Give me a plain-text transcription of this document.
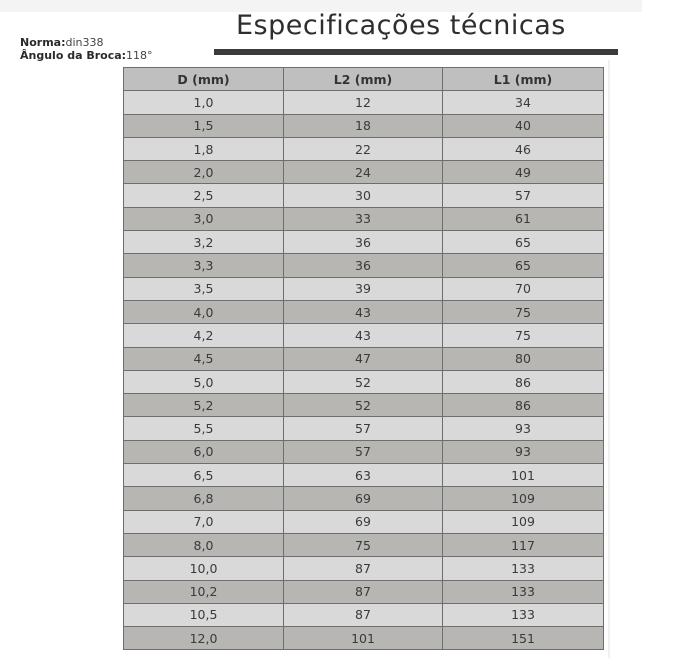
Especificações técnicas
Norma:din338
Ângulo da Broca:118°
D (mm)	L2 (mm)	L1 (mm)
1,0	12	34
1,5	18	40
1,8	22	46
2,0	24	49
2,5	30	57
3,0	33	61
3,2	36	65
3,3	36	65
3,5	39	70
4,0	43	75
4,2	43	75
4,5	47	80
5,0	52	86
5,2	52	86
5,5	57	93
6,0	57	93
6,5	63	101
6,8	69	109
7,0	69	109
8,0	75	117
10,0	87	133
10,2	87	133
10,5	87	133
12,0	101	151
